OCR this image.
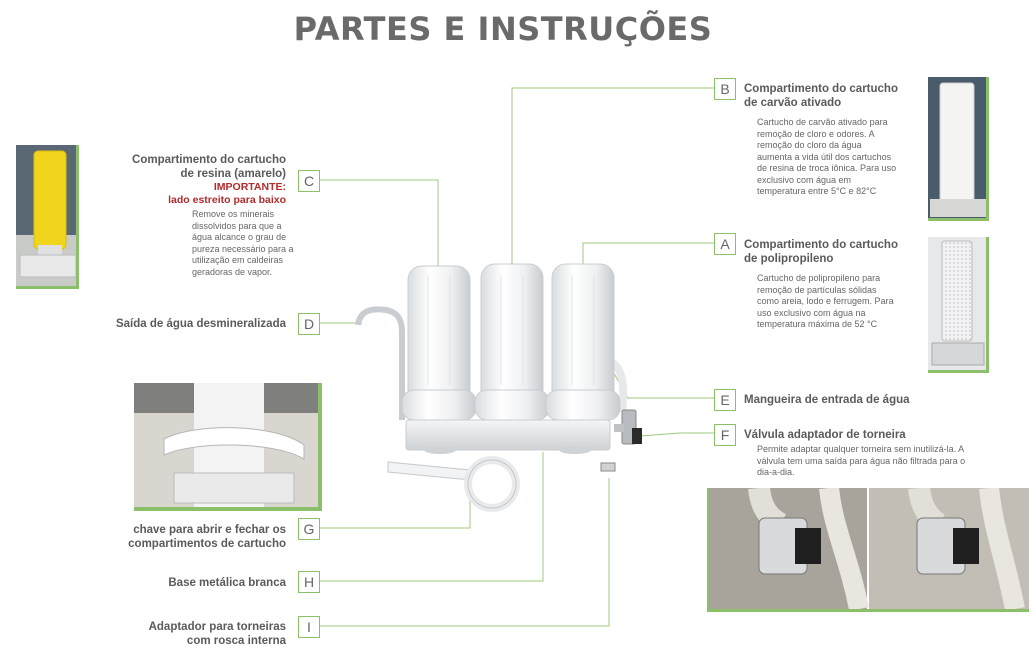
PARTES E INSTRUÇÕES
B
A
E
F
C
D
G
H
I
Compartimento do cartucho
de carvão ativado
Cartucho de carvão ativado para
remoção de cloro e odores. A
remoção do cloro da água
aumenta a vida útil dos cartuchos
de resina de troca iônica. Para uso
exclusivo com água em
temperatura entre 5°C e 82°C
Compartimento do cartucho
de polipropileno
Cartucho de polipropileno para
remoção de partículas sólidas
como areia, lodo e ferrugem. Para
uso exclusivo com água na
temperatura máxima de 52 °C
Mangueira de entrada de água
Válvula adaptador de torneira
Permite adaptar qualquer torneira sem inutilizá-la. A
válvula tem uma saída para água não filtrada para o
dia-a-dia.
Compartimento do cartucho
de resina (amarelo)
IMPORTANTE:
lado estreito para baixo
Remove os minerais
dissolvidos para que a
água alcance o grau de
pureza necessário para a
utilização em caldeiras
geradoras de vapor.
Saída de água desmineralizada
chave para abrir e fechar os
compartimentos de cartucho
Base metálica branca
Adaptador para torneiras
com rosca interna
